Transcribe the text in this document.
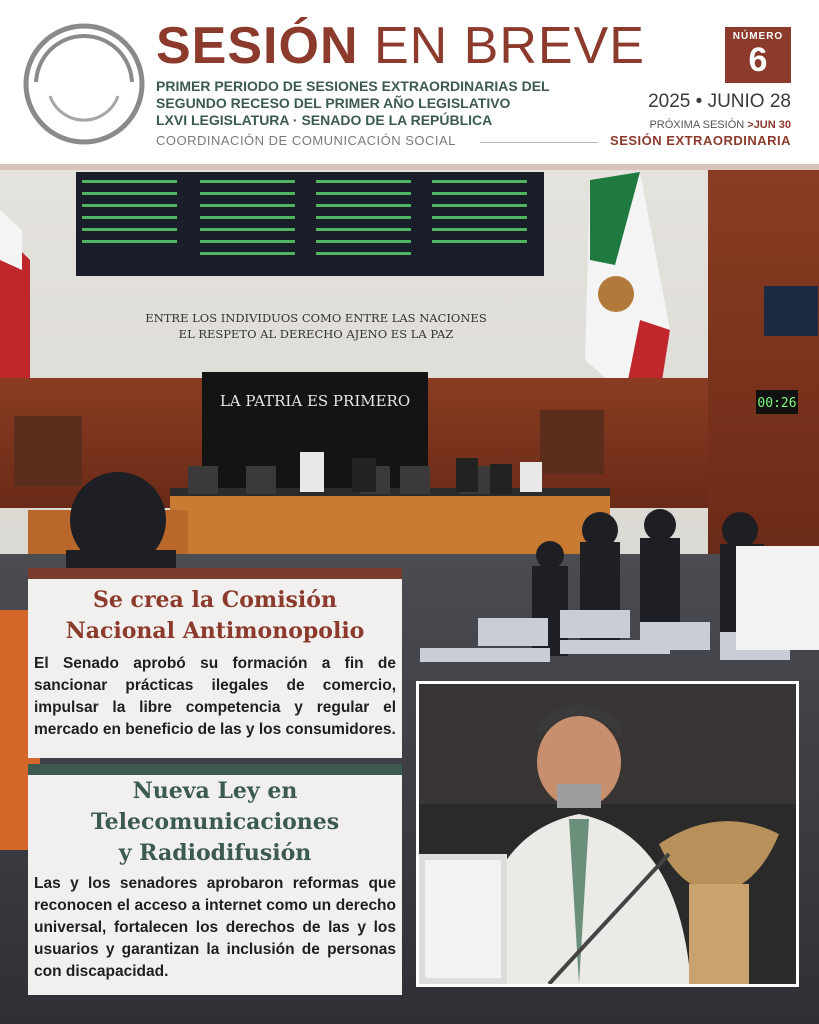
SESIÓN EN BREVE	NÚMERO
6
PRIMER PERIODO DE SESIONES EXTRAORDINARIAS DEL
SEGUNDO RECESO DEL PRIMER AÑO LEGISLATIVO
LXVI LEGISLATURA · SENADO DE LA REPÚBLICA
COORDINACIÓN DE COMUNICACIÓN SOCIAL
2025 • JUNIO 28
PRÓXIMA SESIÓN >JUN 30
SESIÓN EXTRAORDINARIA
00:26
ENTRE LOS INDIVIDUOS COMO ENTRE LAS NACIONES
EL RESPETO AL DERECHO AJENO ES LA PAZ
LA PATRIA ES PRIMERO
Se crea la Comisión
Nacional Antimonopolio
El Senado aprobó su formación a fin de sancionar prácticas ilegales de comercio, impulsar la libre competencia y regular el mercado en beneficio de las y los consumidores.
Nueva Ley en
Telecomunicaciones
y Radiodifusión
Las y los senadores aprobaron reformas que reconocen el acceso a internet como un derecho universal, fortalecen los derechos de las y los usuarios y garantizan la inclusión de personas con discapacidad.
